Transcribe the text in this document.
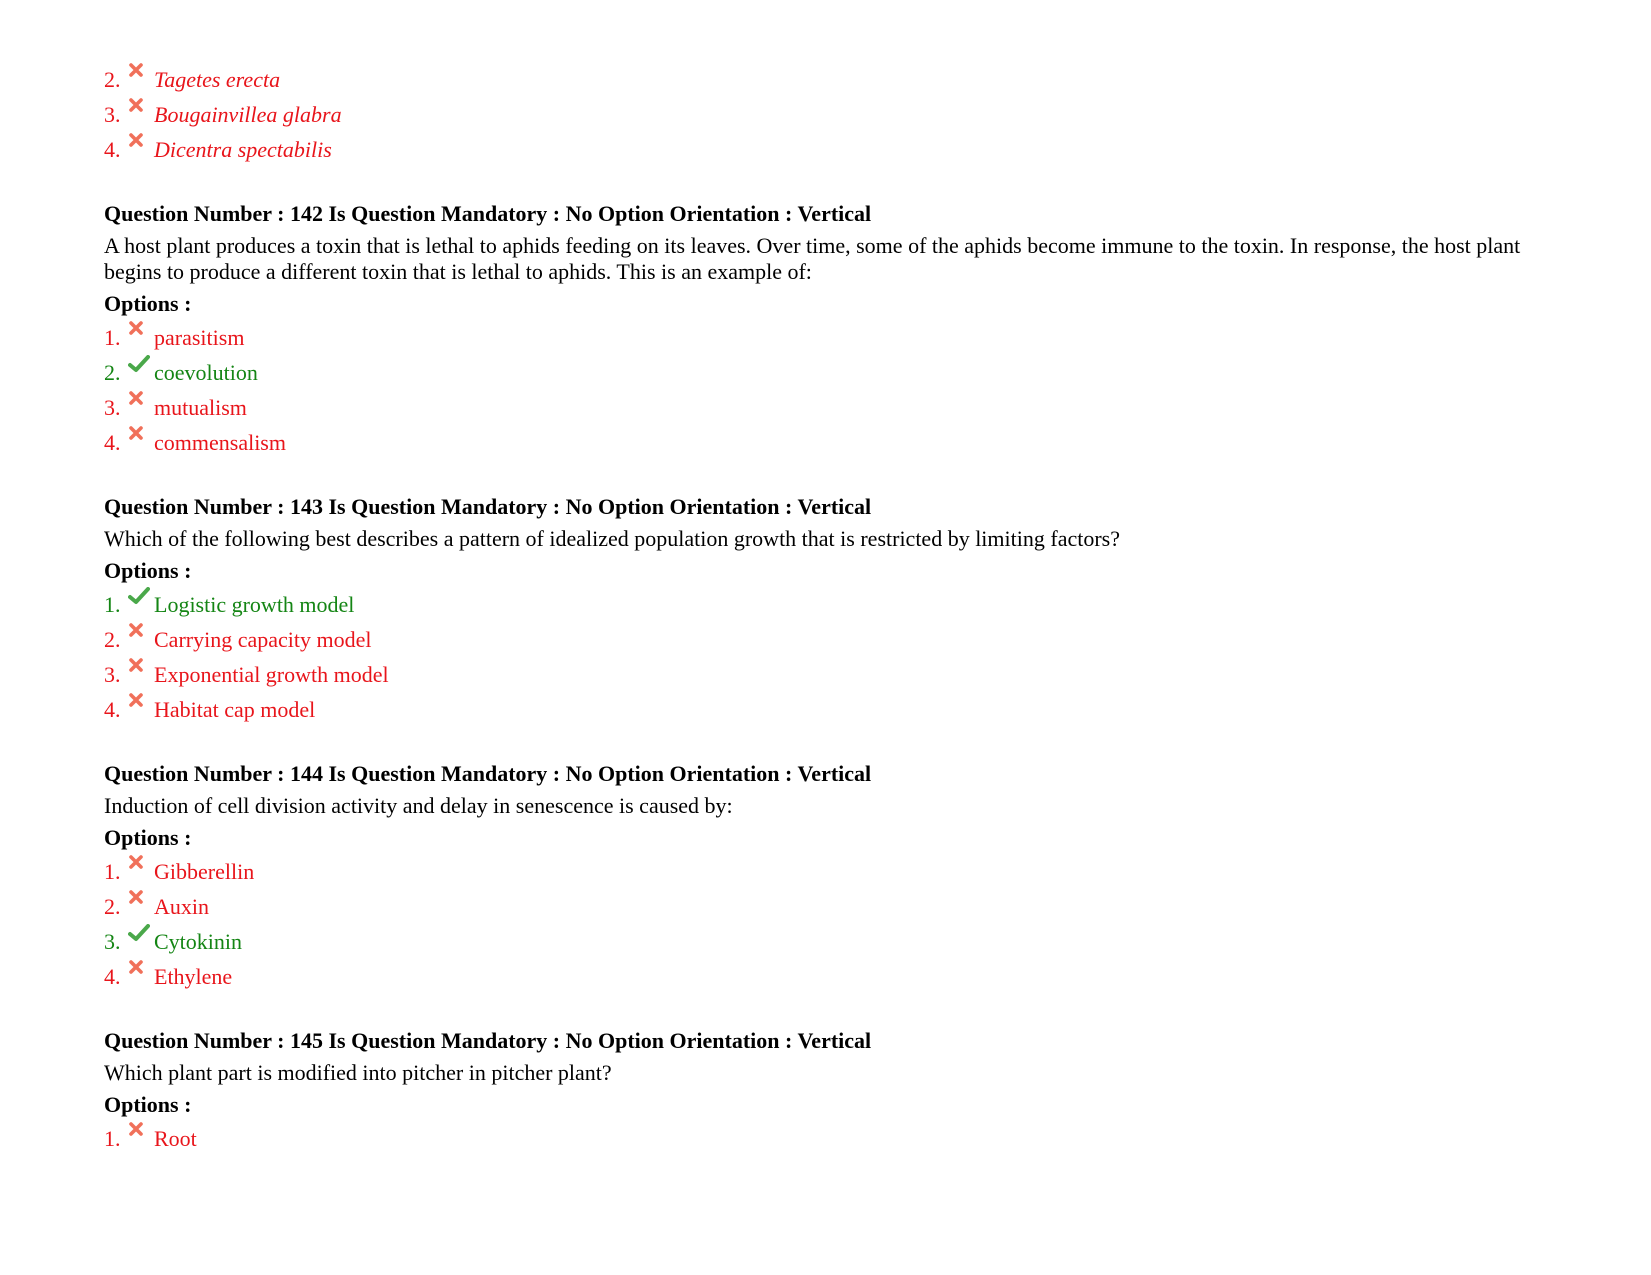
2.	Tagetes erecta
3.	Bougainvillea glabra
4.	Dicentra spectabilis
Question Number : 142 Is Question Mandatory : No Option Orientation : Vertical
A host plant produces a toxin that is lethal to aphids feeding on its leaves. Over time, some of the aphids become immune to the toxin. In response, the host plant begins to produce a different toxin that is lethal to aphids. This is an example of:
Options :
1.	parasitism
2.	coevolution
3.	mutualism
4.	commensalism
Question Number : 143 Is Question Mandatory : No Option Orientation : Vertical
Which of the following best describes a pattern of idealized population growth that is restricted by limiting factors?
Options :
1.	Logistic growth model
2.	Carrying capacity model
3.	Exponential growth model
4.	Habitat cap model
Question Number : 144 Is Question Mandatory : No Option Orientation : Vertical
Induction of cell division activity and delay in senescence is caused by:
Options :
1.	Gibberellin
2.	Auxin
3.	Cytokinin
4.	Ethylene
Question Number : 145 Is Question Mandatory : No Option Orientation : Vertical
Which plant part is modified into pitcher in pitcher plant?
Options :
1.	Root
